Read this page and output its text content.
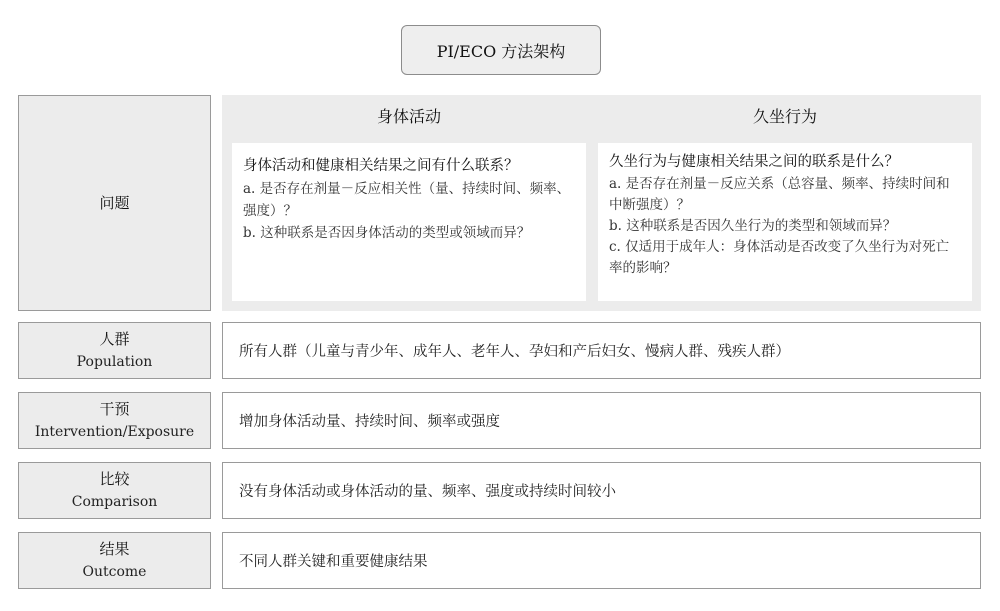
PI/ECO 方法架构
问题
身体活动	久坐行为
身体活动和健康相关结果之间有什么联系？
a. 是否存在剂量－反应相关性（量、持续时间、频率、强度）？
b. 这种联系是否因身体活动的类型或领域而异？
久坐行为与健康相关结果之间的联系是什么？
a. 是否存在剂量－反应关系（总容量、频率、持续时间和中断强度）？
b. 这种联系是否因久坐行为的类型和领域而异？
c. 仅适用于成年人：身体活动是否改变了久坐行为对死亡率的影响？
人群
Population
所有人群（儿童与青少年、成年人、老年人、孕妇和产后妇女、慢病人群、残疾人群）
干预
Intervention/Exposure
增加身体活动量、持续时间、频率或强度
比较
Comparison
没有身体活动或身体活动的量、频率、强度或持续时间较小
结果
Outcome
不同人群关键和重要健康结果
